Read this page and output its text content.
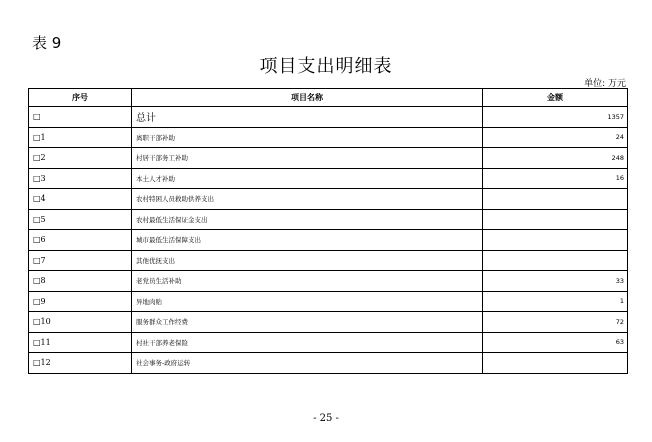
表 9
项目支出明细表
单位: 万元
序号	项目名称	金额
□	总计	1357
□1	离职干部补助	24
□2	村居干部务工补助	248
□3	本土人才补助	16
□4	农村特困人员救助供养支出	
□5	农村最低生活保证金支出	
□6	城市最低生活保障支出	
□7	其他优抚支出	
□8	老党员生活补助	33
□9	异地肉贴	1
□10	服务群众工作经费	72
□11	村社干部养老保险	63
□12	社会事务-政府运转	
- 25 -
